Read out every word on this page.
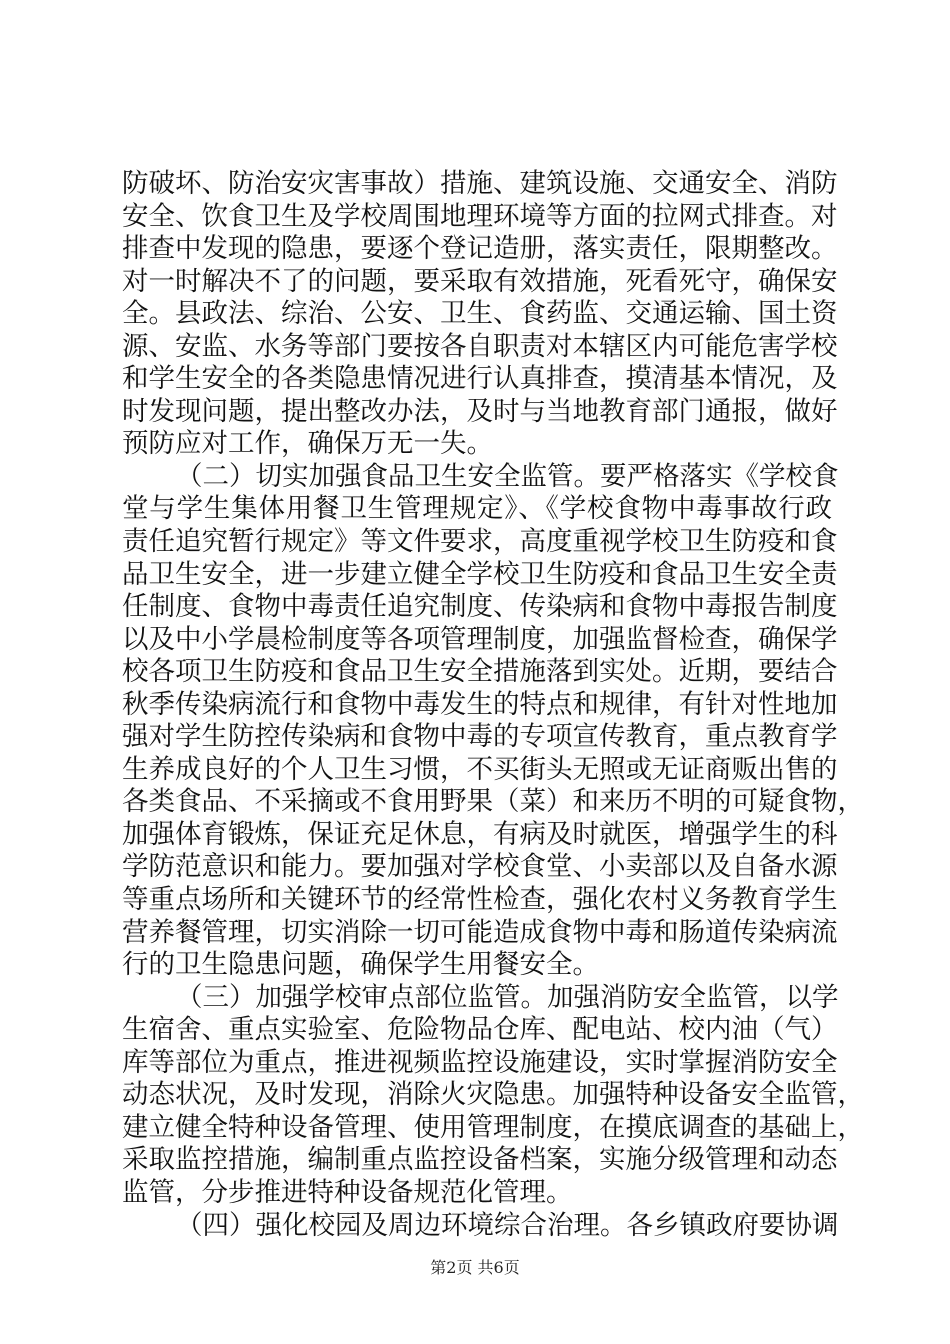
防破坏、防治安灾害事故）措施、建筑设施、交通安全、消防
安全、饮食卫生及学校周围地理环境等方面的拉网式排查。对
排查中发现的隐患，要逐个登记造册，落实责任，限期整改。
对一时解决不了的问题，要采取有效措施，死看死守，确保安
全。县政法、综治、公安、卫生、食药监、交通运输、国土资
源、安监、水务等部门要按各自职责对本辖区内可能危害学校
和学生安全的各类隐患情况进行认真排查，摸清基本情况，及
时发现问题，提出整改办法，及时与当地教育部门通报，做好
预防应对工作，确保万无一失。
（二）切实加强食品卫生安全监管。要严格落实《学校食
堂与学生集体用餐卫生管理规定》、《学校食物中毒事故行政
责任追究暂行规定》等文件要求，高度重视学校卫生防疫和食
品卫生安全，进一步建立健全学校卫生防疫和食品卫生安全责
任制度、食物中毒责任追究制度、传染病和食物中毒报告制度
以及中小学晨检制度等各项管理制度，加强监督检查，确保学
校各项卫生防疫和食品卫生安全措施落到实处。近期，要结合
秋季传染病流行和食物中毒发生的特点和规律，有针对性地加
强对学生防控传染病和食物中毒的专项宣传教育，重点教育学
生养成良好的个人卫生习惯，不买街头无照或无证商贩出售的
各类食品、不采摘或不食用野果（菜）和来历不明的可疑食物，
加强体育锻炼，保证充足休息，有病及时就医，增强学生的科
学防范意识和能力。要加强对学校食堂、小卖部以及自备水源
等重点场所和关键环节的经常性检查，强化农村义务教育学生
营养餐管理，切实消除一切可能造成食物中毒和肠道传染病流
行的卫生隐患问题，确保学生用餐安全。
（三）加强学校审点部位监管。加强消防安全监管，以学
生宿舍、重点实验室、危险物品仓库、配电站、校内油（气）
库等部位为重点，推进视频监控设施建设，实时掌握消防安全
动态状况，及时发现，消除火灾隐患。加强特种设备安全监管，
建立健全特种设备管理、使用管理制度，在摸底调查的基础上，
采取监控措施，编制重点监控设备档案，实施分级管理和动态
监管，分步推进特种设备规范化管理。
（四）强化校园及周边环境综合治理。各乡镇政府要协调
第2页 共6页
